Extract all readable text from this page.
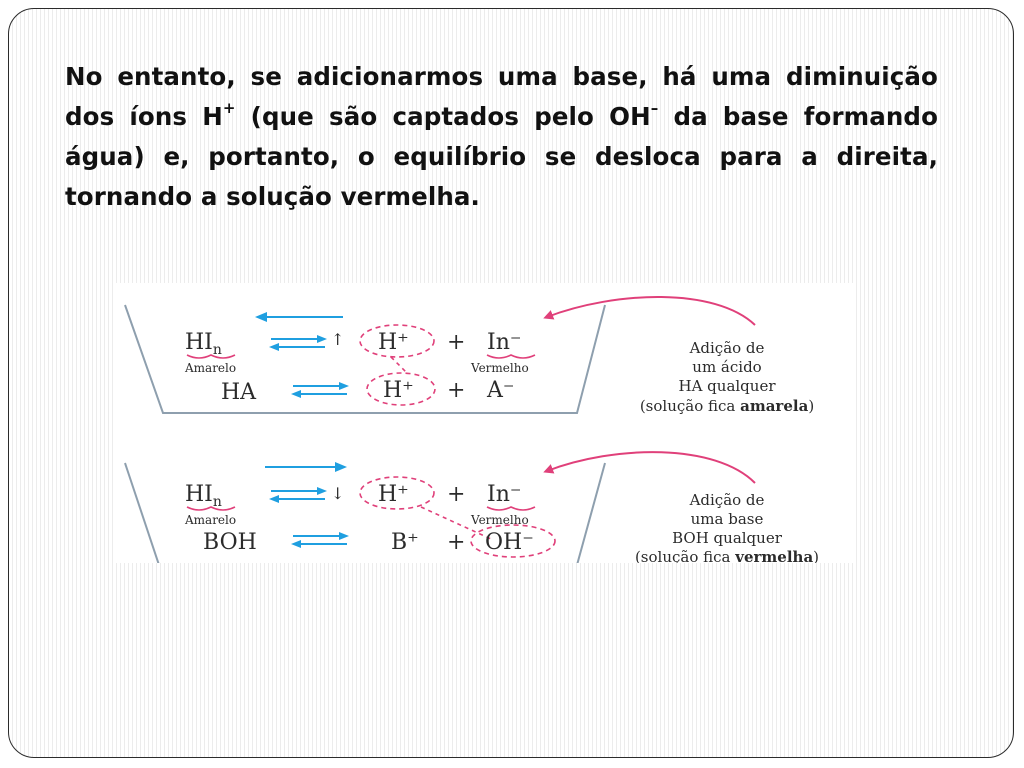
No entanto, se adicionarmos uma base, há uma diminuição dos íons H+ (que são captados pelo OH– da base formando água) e, portanto, o equilíbrio se desloca para a direita, tornando a solução vermelha.

$HI_n$
Amarelo
↑ H⁺ + In⁻
Vermelho
HA	H⁺ + A⁻
Adição de
um ácido
HA qualquer
(solução fica amarela)
$HI_n$
Amarelo
↓ H⁺ + In⁻
Vermelho
BOH	B⁺ + OH⁻
Adição de
uma base
BOH qualquer
(solução fica vermelha)
